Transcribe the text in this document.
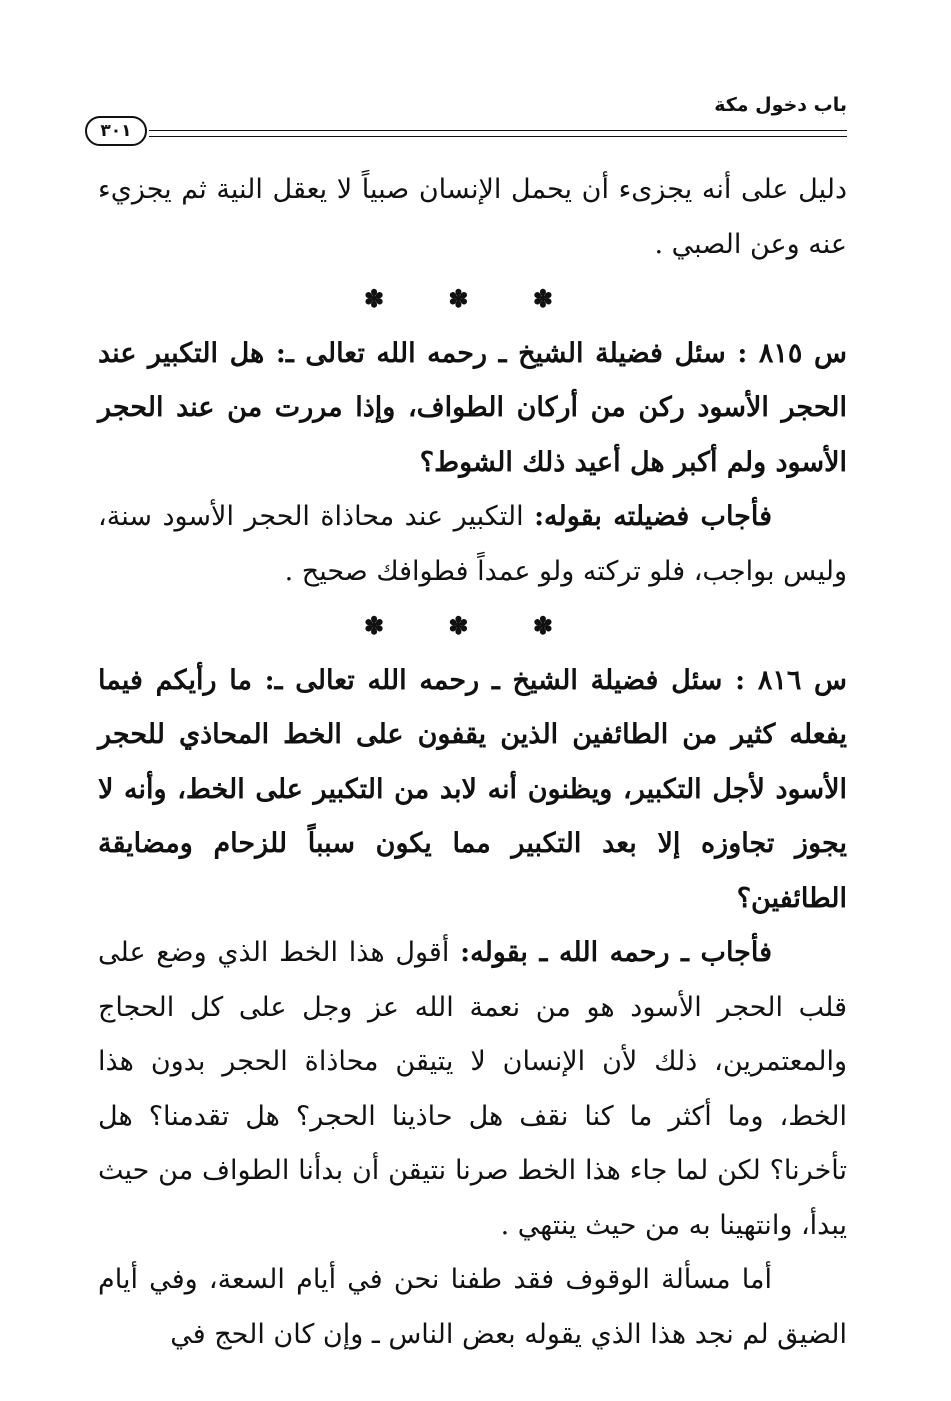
باب دخول مكة
٣٠١

دليل على أنه يجزىء أن يحمل الإنسان صبياً لا يعقل النية ثم يجزيء عنه وعن الصبي .

✽ ✽ ✽

س ٨١٥ : سئل فضيلة الشيخ ـ رحمه الله تعالى ـ: هل التكبير عند الحجر الأسود ركن من أركان الطواف، وإذا مررت من عند الحجر الأسود ولم أكبر هل أعيد ذلك الشوط؟

فأجاب فضيلته بقوله: التكبير عند محاذاة الحجر الأسود سنة، وليس بواجب، فلو تركته ولو عمداً فطوافك صحيح .

✽ ✽ ✽

س ٨١٦ : سئل فضيلة الشيخ ـ رحمه الله تعالى ـ: ما رأيكم فيما يفعله كثير من الطائفين الذين يقفون على الخط المحاذي للحجر الأسود لأجل التكبير، ويظنون أنه لابد من التكبير على الخط، وأنه لا يجوز تجاوزه إلا بعد التكبير مما يكون سبباً للزحام ومضايقة الطائفين؟

فأجاب ـ رحمه الله ـ بقوله: أقول هذا الخط الذي وضع على قلب الحجر الأسود هو من نعمة الله عز وجل على كل الحجاج والمعتمرين، ذلك لأن الإنسان لا يتيقن محاذاة الحجر بدون هذا الخط، وما أكثر ما كنا نقف هل حاذينا الحجر؟ هل تقدمنا؟ هل تأخرنا؟ لكن لما جاء هذا الخط صرنا نتيقن أن بدأنا الطواف من حيث يبدأ، وانتهينا به من حيث ينتهي .

أما مسألة الوقوف فقد طفنا نحن في أيام السعة، وفي أيام الضيق لم نجد هذا الذي يقوله بعض الناس ـ وإن كان الحج في
